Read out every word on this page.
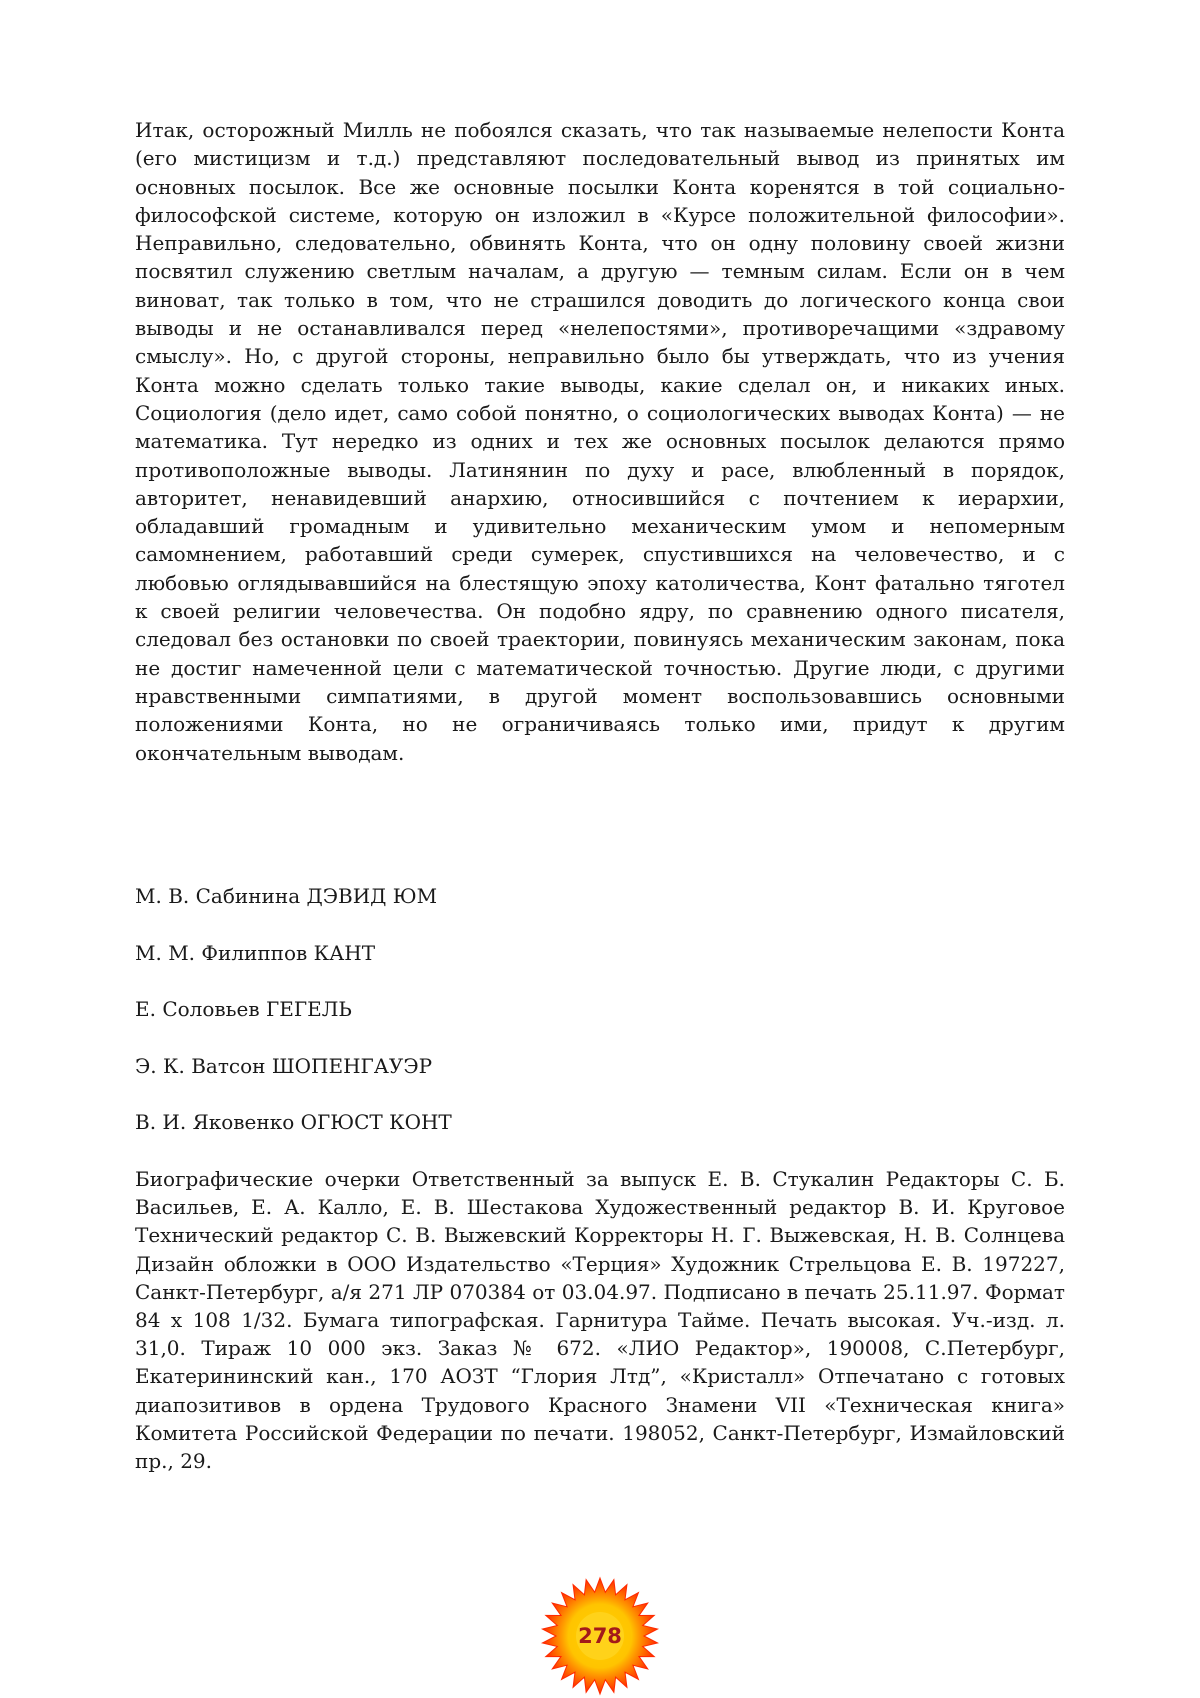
Итак, осторожный Милль не побоялся сказать, что так называемые нелепости Конта (его мистицизм и т.д.) представляют последовательный вывод из принятых им основных посылок. Все же основные посылки Конта коренятся в той социально-философской системе, которую он изложил в «Курсе положительной философии». Неправильно, следовательно, обвинять Конта, что он одну половину своей жизни посвятил служению светлым началам, а другую — темным силам. Если он в чем виноват, так только в том, что не страшился доводить до логического конца свои выводы и не останавливался перед «нелепостями», противоречащими «здравому смыслу». Но, с другой стороны, неправильно было бы утверждать, что из учения Конта можно сделать только такие выводы, какие сделал он, и никаких иных. Социология (дело идет, само собой понятно, о социологических выводах Конта) — не математика. Тут нередко из одних и тех же основных посылок делаются прямо противоположные выводы. Латинянин по духу и расе, влюбленный в порядок, авторитет, ненавидевший анархию, относившийся с почтением к иерархии, обладавший громадным и удивительно механическим умом и непомерным самомнением, работавший среди сумерек, спустившихся на человечество, и с любовью оглядывавшийся на блестящую эпоху католичества, Конт фатально тяготел к своей религии человечества. Он подобно ядру, по сравнению одного писателя, следовал без остановки по своей траектории, повинуясь механическим законам, пока не достиг намеченной цели с математической точностью. Другие люди, с другими нравственными симпатиями, в другой момент воспользовавшись основными положениями Конта, но не ограничиваясь только ими, придут к другим окончательным выводам.

М. В. Сабинина ДЭВИД ЮМ
М. М. Филиппов КАНТ
Е. Соловьев ГЕГЕЛЬ
Э. К. Ватсон ШОПЕНГАУЭР
В. И. Яковенко ОГЮСТ КОНТ

Биографические очерки Ответственный за выпуск Е. В. Стукалин Редакторы С. Б. Васильев, Е. А. Калло, Е. В. Шестакова Художественный редактор В. И. Круговое Технический редактор С. В. Выжевский Корректоры Н. Г. Выжевская, Н. В. Солнцева Дизайн обложки в ООО Издательство «Терция» Художник Стрельцова Е. В. 197227, Санкт-Петербург, а/я 271 ЛР 070384 от 03.04.97. Подписано в печать 25.11.97. Формат 84 х 108 1/32. Бумага типографская. Гарнитура Тайме. Печать высокая. Уч.-изд. л. 31,0. Тираж 10 000 экз. Заказ № 672. «ЛИО Редактор», 190008, С.Петербург, Екатерининский кан., 170 АОЗТ “Глория Лтд”, «Кристалл» Отпечатано с готовых диапозитивов в ордена Трудового Красного Знамени VII «Техническая книга» Комитета Российской Федерации по печати. 198052, Санкт-Петербург, Измайловский пр., 29.

278
